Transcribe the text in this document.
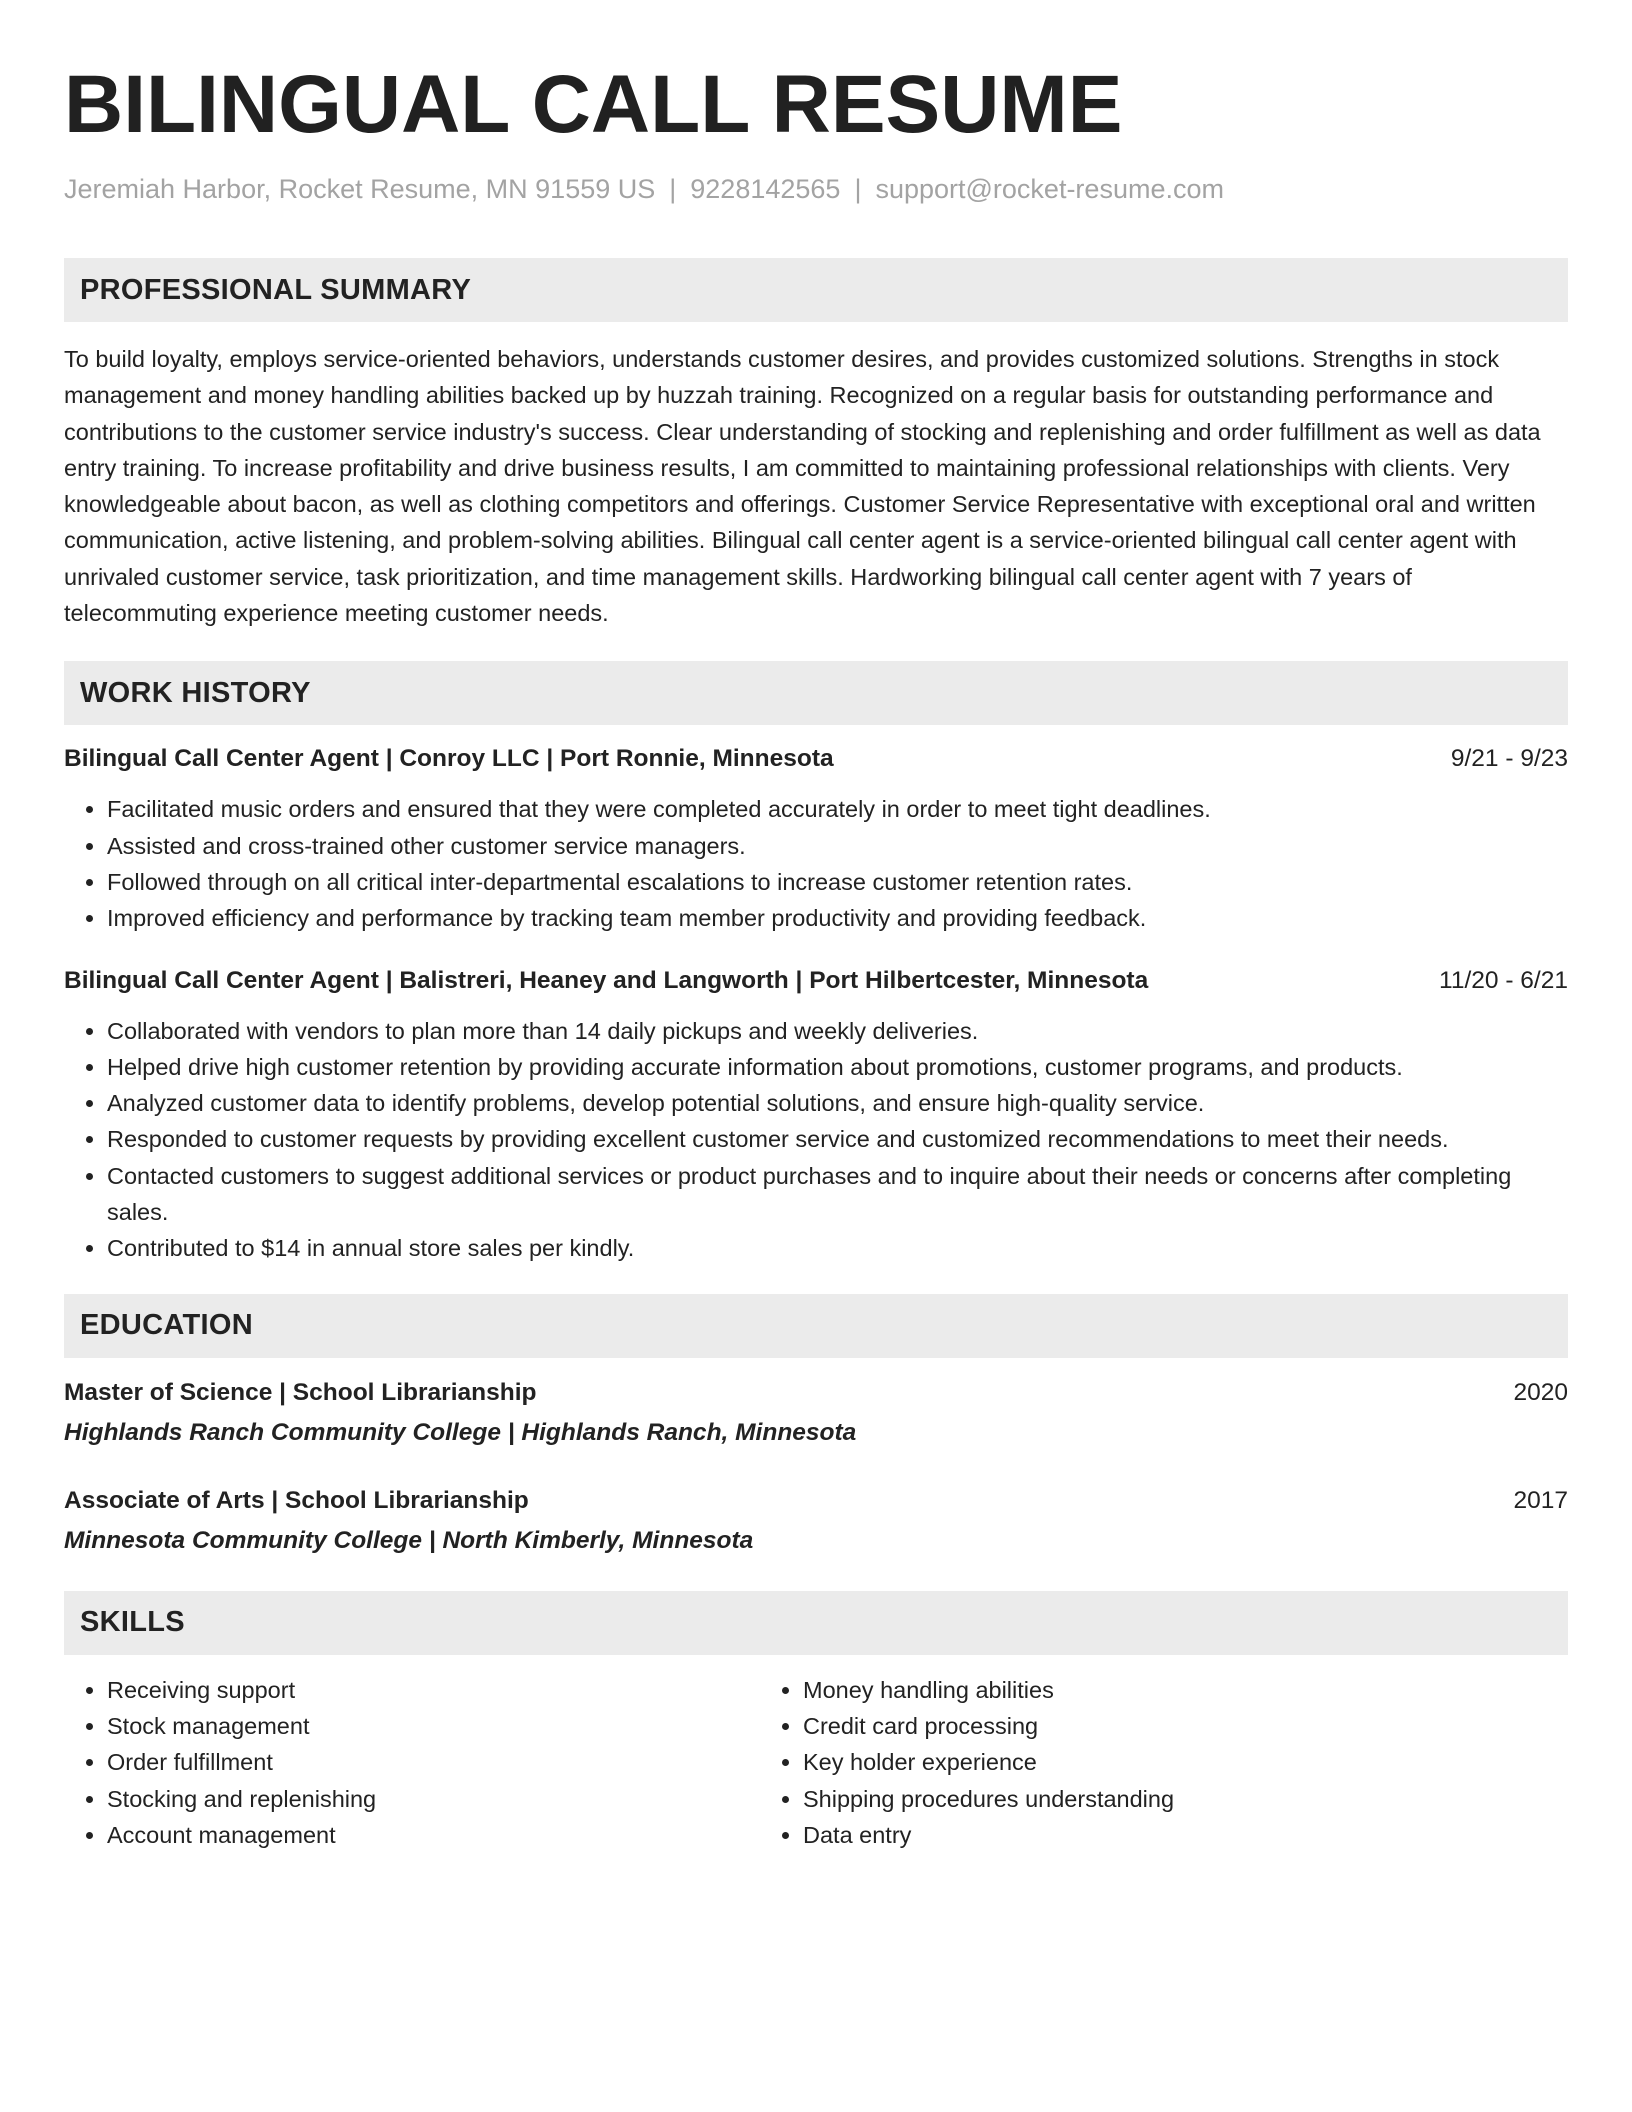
BILINGUAL CALL RESUME
Jeremiah Harbor, Rocket Resume, MN 91559 US | 9228142565 | support@rocket-resume.com
PROFESSIONAL SUMMARY
To build loyalty, employs service-oriented behaviors, understands customer desires, and provides customized solutions. Strengths in stock management and money handling abilities backed up by huzzah training. Recognized on a regular basis for outstanding performance and contributions to the customer service industry's success. Clear understanding of stocking and replenishing and order fulfillment as well as data entry training. To increase profitability and drive business results, I am committed to maintaining professional relationships with clients. Very knowledgeable about bacon, as well as clothing competitors and offerings. Customer Service Representative with exceptional oral and written communication, active listening, and problem-solving abilities. Bilingual call center agent is a service-oriented bilingual call center agent with unrivaled customer service, task prioritization, and time management skills. Hardworking bilingual call center agent with 7 years of telecommuting experience meeting customer needs.
WORK HISTORY
Bilingual Call Center Agent | Conroy LLC | Port Ronnie, Minnesota	9/21 - 9/23
• Facilitated music orders and ensured that they were completed accurately in order to meet tight deadlines.
• Assisted and cross-trained other customer service managers.
• Followed through on all critical inter-departmental escalations to increase customer retention rates.
• Improved efficiency and performance by tracking team member productivity and providing feedback.
Bilingual Call Center Agent | Balistreri, Heaney and Langworth | Port Hilbertcester, Minnesota	11/20 - 6/21
• Collaborated with vendors to plan more than 14 daily pickups and weekly deliveries.
• Helped drive high customer retention by providing accurate information about promotions, customer programs, and products.
• Analyzed customer data to identify problems, develop potential solutions, and ensure high-quality service.
• Responded to customer requests by providing excellent customer service and customized recommendations to meet their needs.
• Contacted customers to suggest additional services or product purchases and to inquire about their needs or concerns after completing sales.
• Contributed to $14 in annual store sales per kindly.
EDUCATION
Master of Science | School Librarianship	2020
Highlands Ranch Community College | Highlands Ranch, Minnesota
Associate of Arts | School Librarianship	2017
Minnesota Community College | North Kimberly, Minnesota
SKILLS
• Receiving support
• Stock management
• Order fulfillment
• Stocking and replenishing
• Account management
• Money handling abilities
• Credit card processing
• Key holder experience
• Shipping procedures understanding
• Data entry
